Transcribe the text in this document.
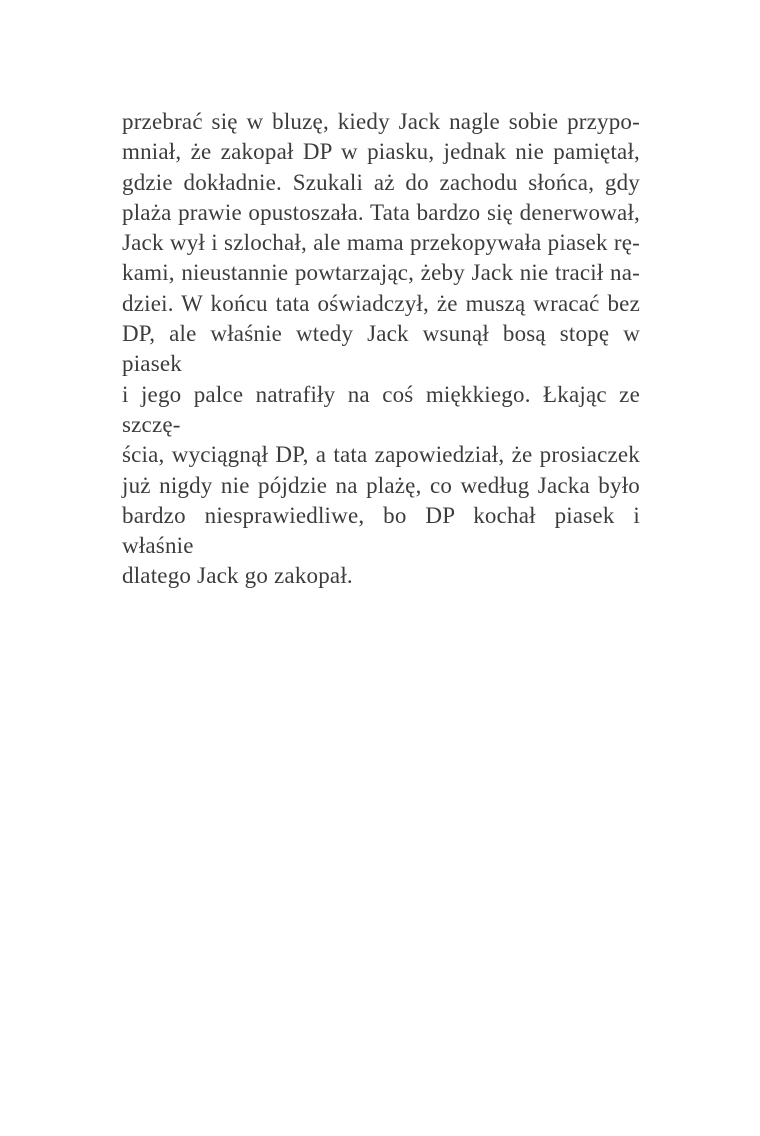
przebrać się w bluzę, kiedy Jack nagle sobie przypo-
mniał, że zakopał DP w piasku, jednak nie pamiętał,
gdzie dokładnie. Szukali aż do zachodu słońca, gdy
plaża prawie opustoszała. Tata bardzo się denerwował,
Jack wył i szlochał, ale mama przekopywała piasek rę-
kami, nieustannie powtarzając, żeby Jack nie tracił na-
dziei. W końcu tata oświadczył, że muszą wracać bez
DP, ale właśnie wtedy Jack wsunął bosą stopę w piasek
i jego palce natrafiły na coś miękkiego. Łkając ze szczę-
ścia, wyciągnął DP, a tata zapowiedział, że prosiaczek
już nigdy nie pójdzie na plażę, co według Jacka było
bardzo niesprawiedliwe, bo DP kochał piasek i właśnie
dlatego Jack go zakopał.
